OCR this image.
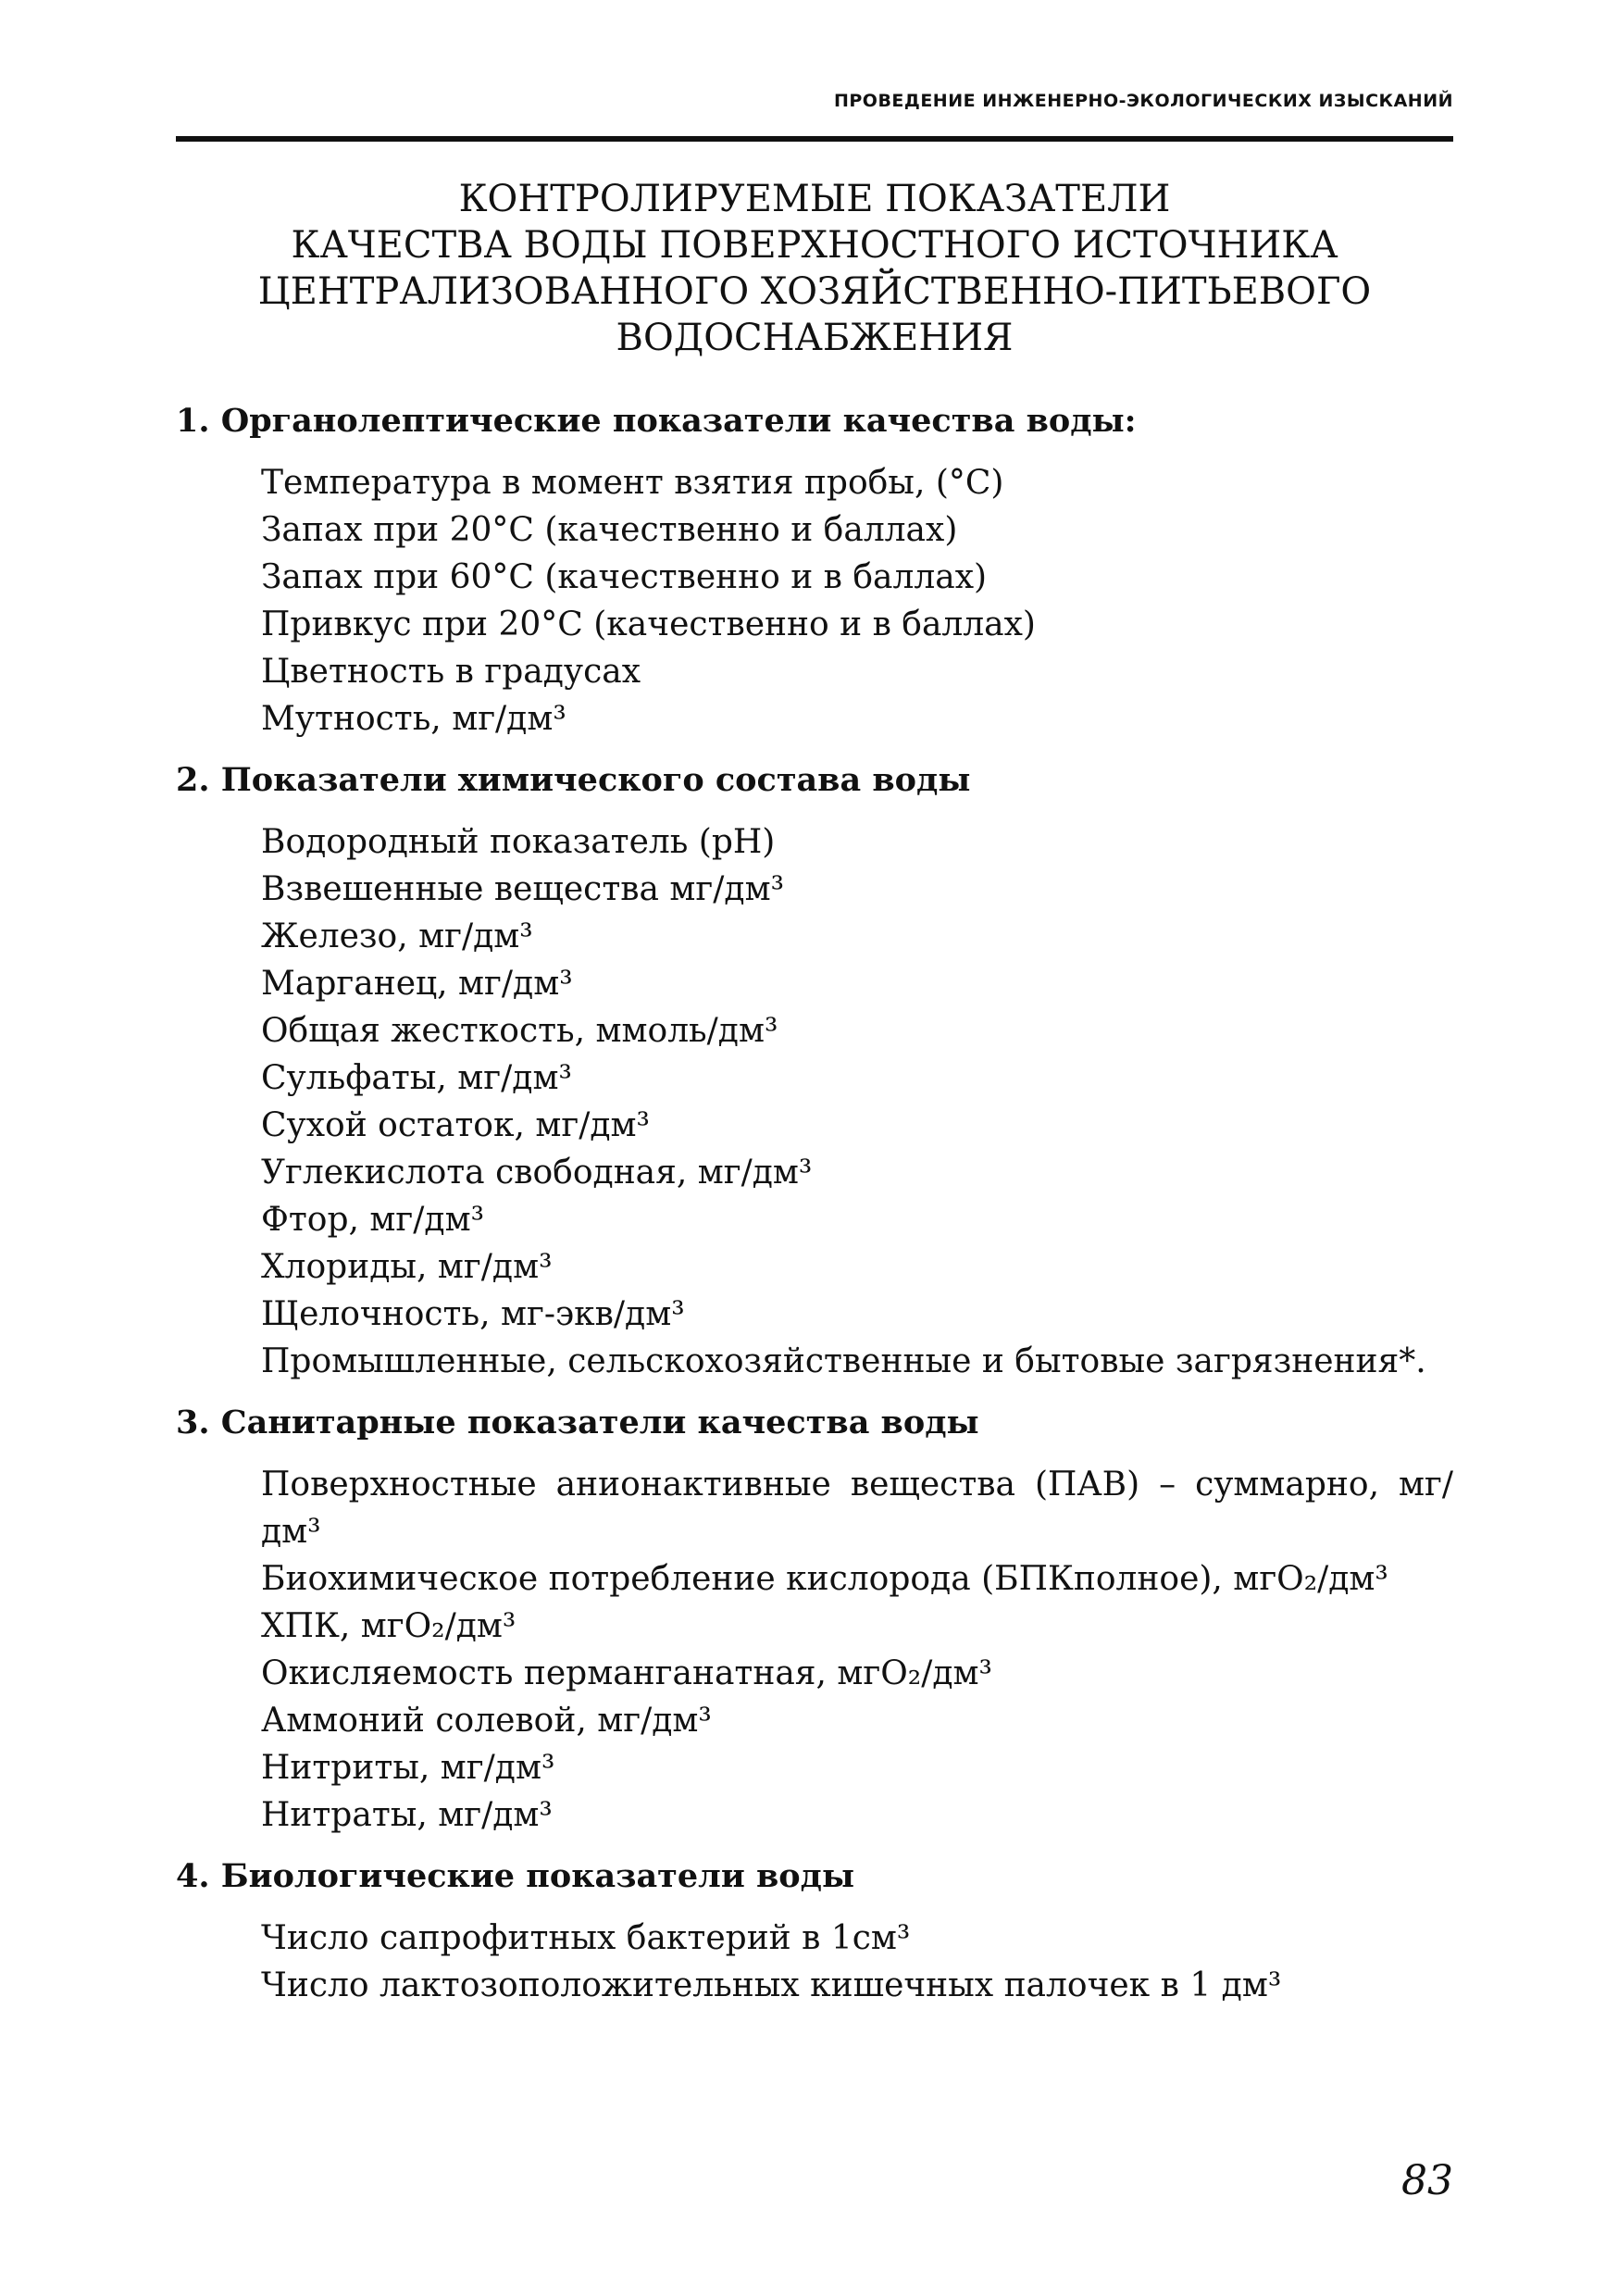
ПРОВЕДЕНИЕ ИНЖЕНЕРНО-ЭКОЛОГИЧЕСКИХ ИЗЫСКАНИЙ
КОНТРОЛИРУЕМЫЕ ПОКАЗАТЕЛИ
КАЧЕСТВА ВОДЫ ПОВЕРХНОСТНОГО ИСТОЧНИКА
ЦЕНТРАЛИЗОВАННОГО ХОЗЯЙСТВЕННО-ПИТЬЕВОГО
ВОДОСНАБЖЕНИЯ
1. Органолептические показатели качества воды:
Температура в момент взятия пробы, (°С)
Запах при 20°С (качественно и баллах)
Запах при 60°С (качественно и в баллах)
Привкус при 20°С (качественно и в баллах)
Цветность в градусах
Мутность, мг/дм³
2. Показатели химического состава воды
Водородный показатель (pH)
Взвешенные вещества мг/дм³
Железо, мг/дм³
Марганец, мг/дм³
Общая жесткость, ммоль/дм³
Сульфаты, мг/дм³
Сухой остаток, мг/дм³
Углекислота свободная, мг/дм³
Фтор, мг/дм³
Хлориды, мг/дм³
Щелочность, мг-экв/дм³
Промышленные, сельскохозяйственные и бытовые загрязнения*.
3. Санитарные показатели качества воды
Поверхностные анионактивные вещества (ПАВ) – суммарно, мг/дм³
Биохимическое потребление кислорода (БПКполное), мгО₂/дм³
ХПК, мгО₂/дм³
Окисляемость перманганатная, мгО₂/дм³
Аммоний солевой, мг/дм³
Нитриты, мг/дм³
Нитраты, мг/дм³
4. Биологические показатели воды
Число сапрофитных бактерий в 1см³
Число лактозоположительных кишечных палочек в 1 дм³
83
